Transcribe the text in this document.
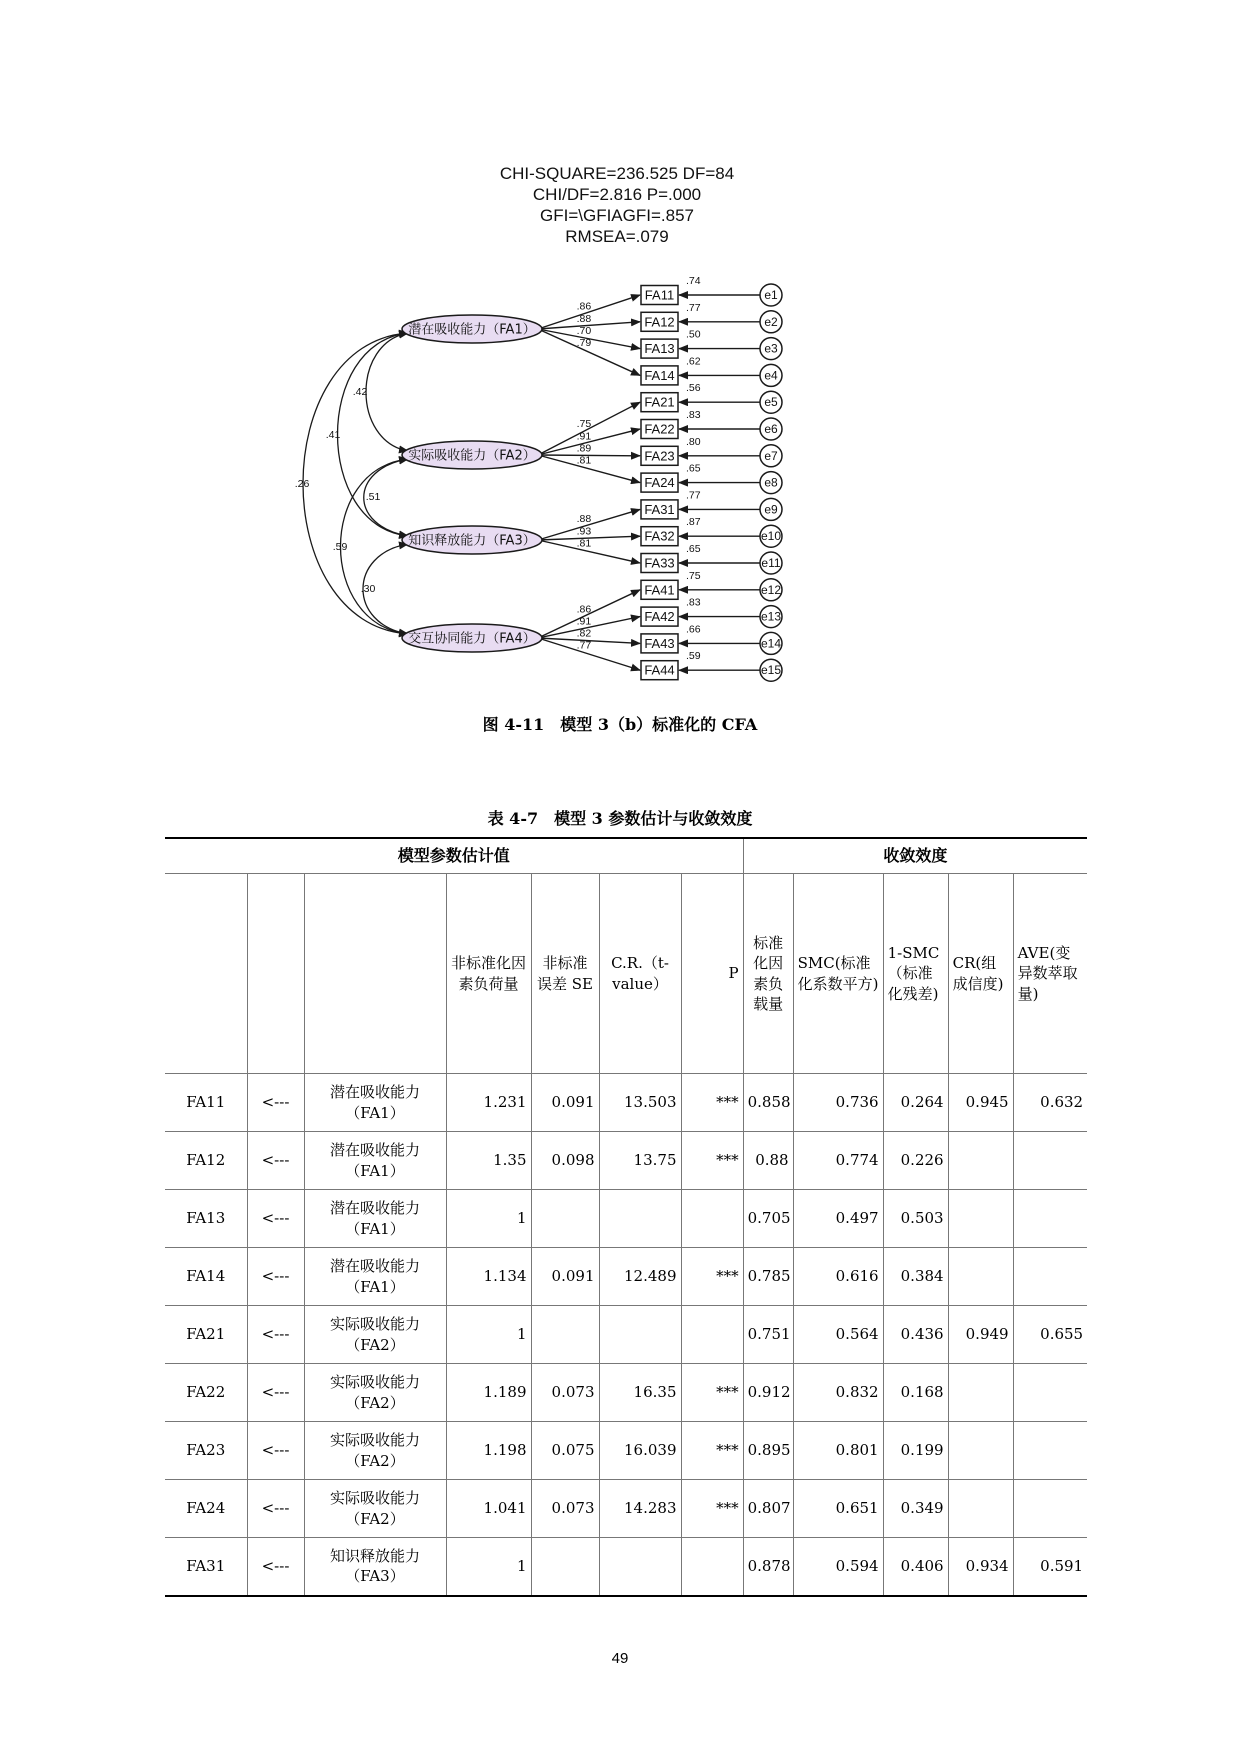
CHI-SQUARE=236.525 DF=84
CHI/DF=2.816 P=.000
GFI=\GFIAGFI=.857
RMSEA=.079
.42
.41
.26
.51
.59
.30
.86
.74
.88
.77
.70	.50
.79
.62
.75
.56
.91
.83
.89
.80
.81
.65
.88
.77
.93
.87
.81	.65
.86
.75
.91
.83
.82	.66
.77
.59
潜在吸收能力（FA1）
实际吸收能力（FA2）
知识释放能力（FA3）
交互协同能力（FA4）
FA11	e1
FA12	e2
FA13	e3
FA14	e4
FA21	e5
FA22	e6
FA23	e7
FA24	e8
FA31	e9
FA32	e10
FA33	e11
FA41	e12
FA42	e13
FA43	e14
FA44	e15
图 4-11　模型 3（b）标准化的 CFA
表 4-7　模型 3 参数估计与收敛效度
模型参数估计值							收敛效度				
			非标准化因素负荷量	非标准误差 SE	C.R.（t-value）	P	标准化因素负载量	SMC(标准化系数平方)	1-SMC（标准化残差)	CR(组成信度)	AVE(变异数萃取量)
FA11	<---	潜在吸收能力（FA1）	1.231	0.091	13.503	***	0.858	0.736	0.264	0.945	0.632
FA12	<---	潜在吸收能力（FA1）	1.35	0.098	13.75	***	0.88	0.774	0.226		
FA13	<---	潜在吸收能力（FA1）	1				0.705	0.497	0.503		
FA14	<---	潜在吸收能力（FA1）	1.134	0.091	12.489	***	0.785	0.616	0.384		
FA21	<---	实际吸收能力（FA2）	1				0.751	0.564	0.436	0.949	0.655
FA22	<---	实际吸收能力（FA2）	1.189	0.073	16.35	***	0.912	0.832	0.168		
FA23	<---	实际吸收能力（FA2）	1.198	0.075	16.039	***	0.895	0.801	0.199		
FA24	<---	实际吸收能力（FA2）	1.041	0.073	14.283	***	0.807	0.651	0.349		
FA31	<---	知识释放能力（FA3）	1				0.878	0.594	0.406	0.934	0.591
49
